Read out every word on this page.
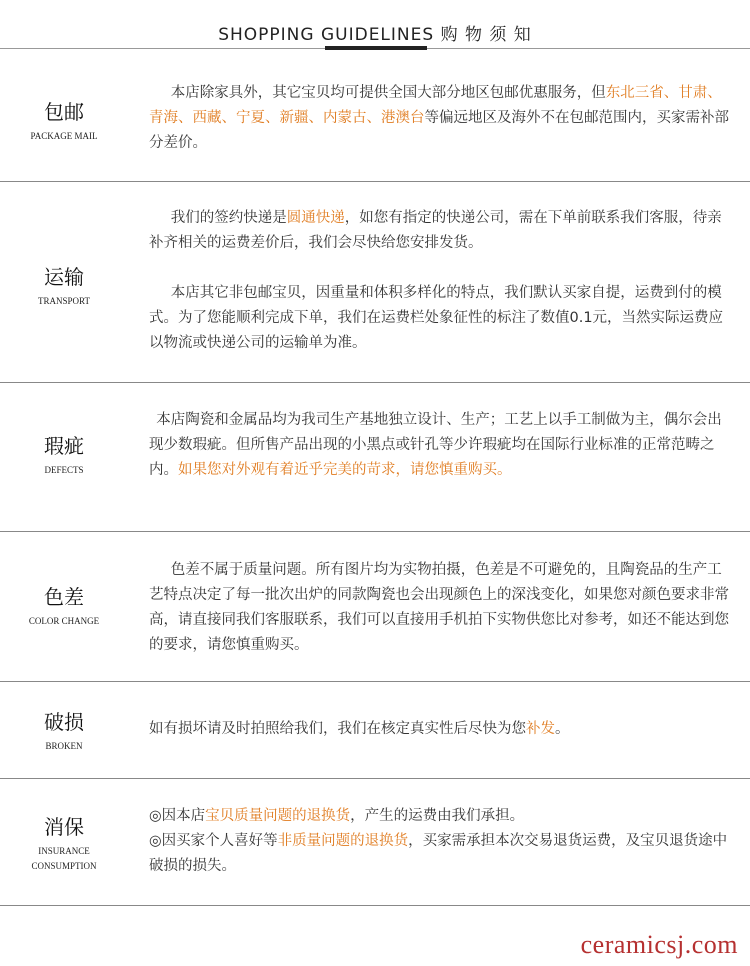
SHOPPING GUIDELINES 购 物 须 知
包邮
PACKAGE MAIL

  本店除家具外，其它宝贝均可提供全国大部分地区包邮优惠服务，但东北三省、甘肃、青海、西藏、宁夏、新疆、内蒙古、港澳台等偏远地区及海外不在包邮范围内，买家需补部分差价。

运输
TRANSPORT

  我们的签约快递是圆通快递，如您有指定的快递公司，需在下单前联系我们客服，待亲补齐相关的运费差价后，我们会尽快给您安排发货。

  本店其它非包邮宝贝，因重量和体积多样化的特点，我们默认买家自提，运费到付的模式。为了您能顺利完成下单，我们在运费栏处象征性的标注了数值0.1元，当然实际运费应以物流或快递公司的运输单为准。

瑕疵
DEFECTS

 本店陶瓷和金属品均为我司生产基地独立设计、生产；工艺上以手工制做为主，偶尔会出现少数瑕疵。但所售产品出现的小黑点或针孔等少许瑕疵均在国际行业标准的正常范畴之内。如果您对外观有着近乎完美的苛求，请您慎重购买。

色差
COLOR CHANGE

  色差不属于质量问题。所有图片均为实物拍摄，色差是不可避免的，且陶瓷品的生产工艺特点决定了每一批次出炉的同款陶瓷也会出现颜色上的深浅变化，如果您对颜色要求非常高，请直接同我们客服联系，我们可以直接用手机拍下实物供您比对参考，如还不能达到您的要求，请您慎重购买。

破损
BROKEN

如有损坏请及时拍照给我们，我们在核定真实性后尽快为您补发。

消保
INSURANCE
CONSUMPTION

◎因本店宝贝质量问题的退换货，产生的运费由我们承担。

◎因买家个人喜好等非质量问题的退换货，买家需承担本次交易退货运费，及宝贝退货途中破损的损失。

ceramicsj.com
